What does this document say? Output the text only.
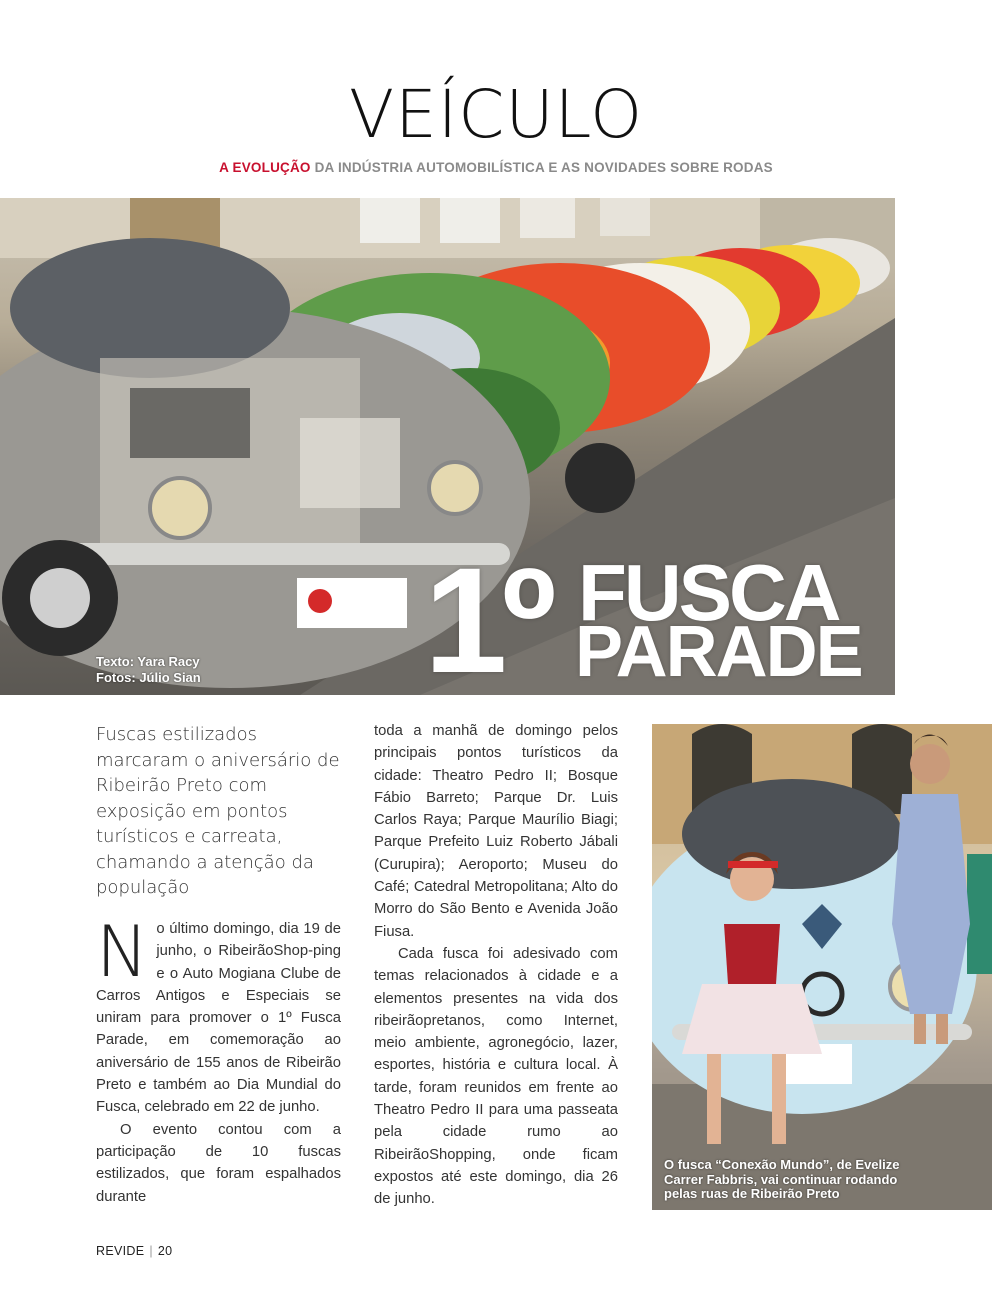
VEÍCULO
A EVOLUÇÃO DA INDÚSTRIA AUTOMOBILÍSTICA E AS NOVIDADES SOBRE RODAS
Texto: Yara Racy
Fotos: Júlio Sian 1º FUSCA
PARADE

Fuscas estilizados marcaram o aniversário de Ribeirão Preto com exposição em pontos turísticos e carreata, chamando a atenção da população

No último domingo, dia 19 de junho, o RibeirãoShop-ping e o Auto Mogiana Clube de Carros Antigos e Especiais se uniram para promover o 1º Fusca Parade, em comemoração ao aniversário de 155 anos de Ribeirão Preto e também ao Dia Mundial do Fusca, celebrado em 22 de junho.

O evento contou com a participação de 10 fuscas estilizados, que foram espalhados durante

toda a manhã de domingo pelos principais pontos turísticos da cidade: Theatro Pedro II; Bosque Fábio Barreto; Parque Dr. Luis Carlos Raya; Parque Maurílio Biagi; Parque Prefeito Luiz Roberto Jábali (Curupira); Aeroporto; Museu do Café; Catedral Metropolitana; Alto do Morro do São Bento e Avenida João Fiusa.

Cada fusca foi adesivado com temas relacionados à cidade e a elementos presentes na vida dos ribeirãopretanos, como Internet, meio ambiente, agronegócio, lazer, esportes, história e cultura local. À tarde, foram reunidos em frente ao Theatro Pedro II para uma passeata pela cidade rumo ao RibeirãoShopping, onde ficam expostos até este domingo, dia 26 de junho.

O fusca “Conexão Mundo”, de Evelize Carrer Fabbris, vai continuar rodando pelas ruas de Ribeirão Preto
REVIDE | 20
